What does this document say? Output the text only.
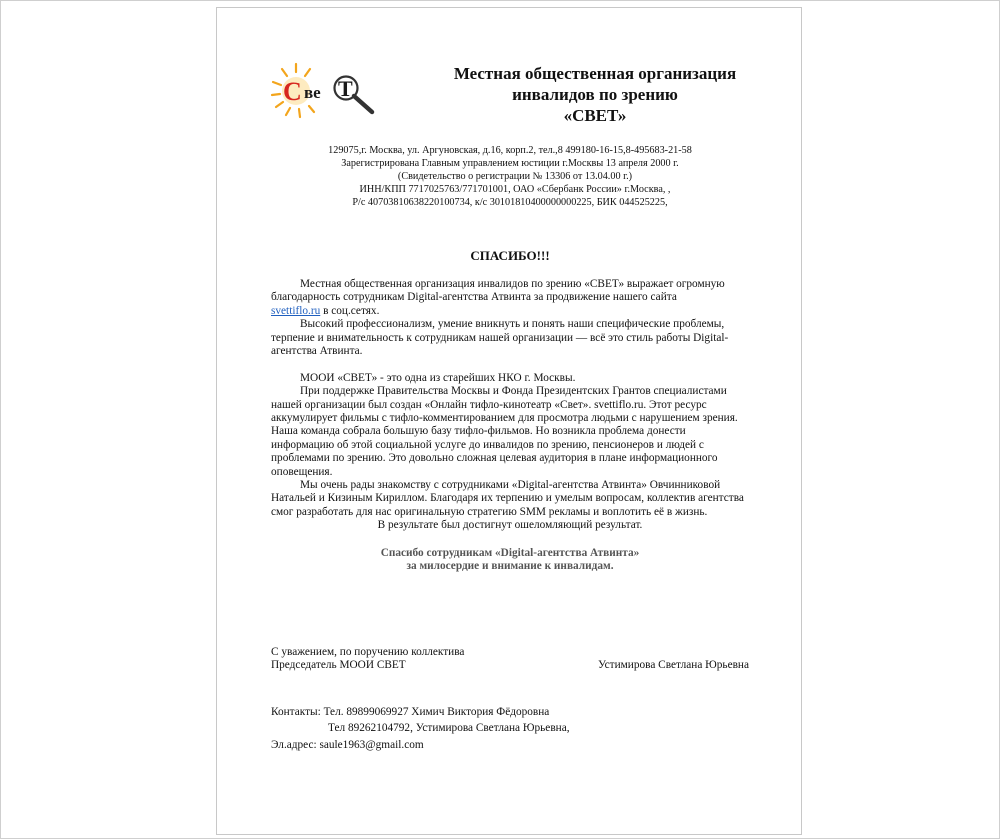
С ве Т
Местная общественная организация
инвалидов по зрению
«СВЕТ»
129075,г. Москва, ул. Аргуновская, д.16, корп.2, тел.,8 499180-16-15,8-495683-21-58
Зарегистрирована Главным управлением юстиции г.Москвы 13 апреля 2000 г.
(Свидетельство о регистрации № 13306 от 13.04.00 г.)
ИНН/КПП 7717025763/771701001, ОАО «Сбербанк России» г.Москва, ,
Р/с 40703810638220100734, к/с 30101810400000000225, БИК 044525225,
СПАСИБО!!!

Местная общественная организация инвалидов по зрению «СВЕТ» выражает огромную благодарность сотрудникам Digital-агентства Атвинта за продвижение нашего сайта
svettiflo.ru в соц.сетях.

Высокий профессионализм, умение вникнуть и понять наши специфические проблемы, терпение и внимательность к сотрудникам нашей организации — всё это стиль работы Digital-агентства Атвинта.

МООИ «СВЕТ» - это одна из старейших НКО г. Москвы.

При поддержке Правительства Москвы и Фонда Президентских Грантов специалистами нашей организации был создан «Онлайн тифло-кинотеатр «Свет». svettiflo.ru. Этот ресурс аккумулирует фильмы с тифло-комментированием для просмотра людьми с нарушением зрения.

Наша команда собрала большую базу тифло-фильмов. Но возникла проблема донести информацию об этой социальной услуге до инвалидов по зрению, пенсионеров и людей с проблемами по зрению. Это довольно сложная целевая аудитория в плане информационного оповещения.

Мы очень рады знакомству с сотрудниками «Digital-агентства Атвинта» Овчинниковой Натальей и Кизиным Кириллом. Благодаря их терпению и умелым вопросам, коллектив агентства смог разработать для нас оригинальную стратегию SMM рекламы и воплотить её в жизнь.

В результате был достигнут ошеломляющий результат.

Спасибо сотрудникам «Digital-агентства Атвинта»
за милосердие и внимание к инвалидам.
С уважением, по поручению коллектива
Председатель МООИ СВЕТ	Устимирова Светлана Юрьевна
Контакты: Тел. 89899069927 Химич Виктория Фёдоровна
Тел 89262104792, Устимирова Светлана Юрьевна,
Эл.адрес: saule1963@gmail.com
